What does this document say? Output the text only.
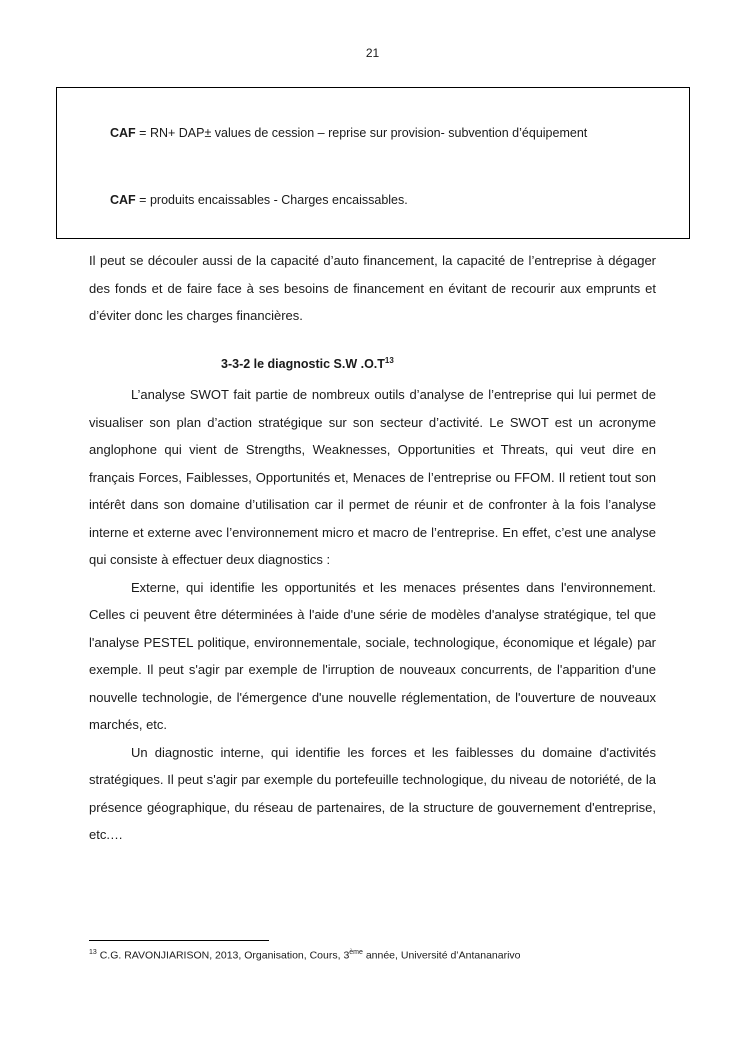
21
CAF = RN+ DAP± values de cession – reprise sur provision- subvention d’équipement
CAF = produits encaissables - Charges encaissables.

Il peut se découler aussi de la capacité d’auto financement, la capacité de l’entreprise à dégager des fonds et de faire face à ses besoins de financement en évitant de recourir aux emprunts et d’éviter donc les charges financières.

3-3-2 le diagnostic S.W $.O.T^{13}$

L’analyse SWOT fait partie de nombreux outils d’analyse de l’entreprise qui lui permet de visualiser son plan d’action stratégique sur son secteur d’activité. Le SWOT est un acronyme anglophone qui vient de Strengths, Weaknesses, Opportunities et Threats, qui veut dire en français Forces, Faiblesses, Opportunités et, Menaces de l’entreprise ou FFOM. Il retient tout son intérêt dans son domaine d’utilisation car il permet de réunir et de confronter à la fois l’analyse interne et externe avec l’environnement micro et macro de l’entreprise. En effet, c’est une analyse qui consiste à effectuer deux diagnostics :

Externe, qui identifie les opportunités et les menaces présentes dans l'environnement. Celles ci peuvent être déterminées à l'aide d'une série de modèles d'analyse stratégique, tel que l'analyse PESTEL politique, environnementale, sociale, technologique, économique et légale) par exemple. Il peut s'agir par exemple de l'irruption de nouveaux concurrents, de l'apparition d'une nouvelle technologie, de l'émergence d'une nouvelle réglementation, de l'ouverture de nouveaux marchés, etc.

Un diagnostic interne, qui identifie les forces et les faiblesses du domaine d'activités stratégiques. Il peut s'agir par exemple du portefeuille technologique, du niveau de notoriété, de la présence géographique, du réseau de partenaires, de la structure de gouvernement d'entreprise, etc.…

$^{13}$ C.G. RAVONJIARISON, 2013, Organisation, Cours, 3ème année, Université d’Antananarivo
